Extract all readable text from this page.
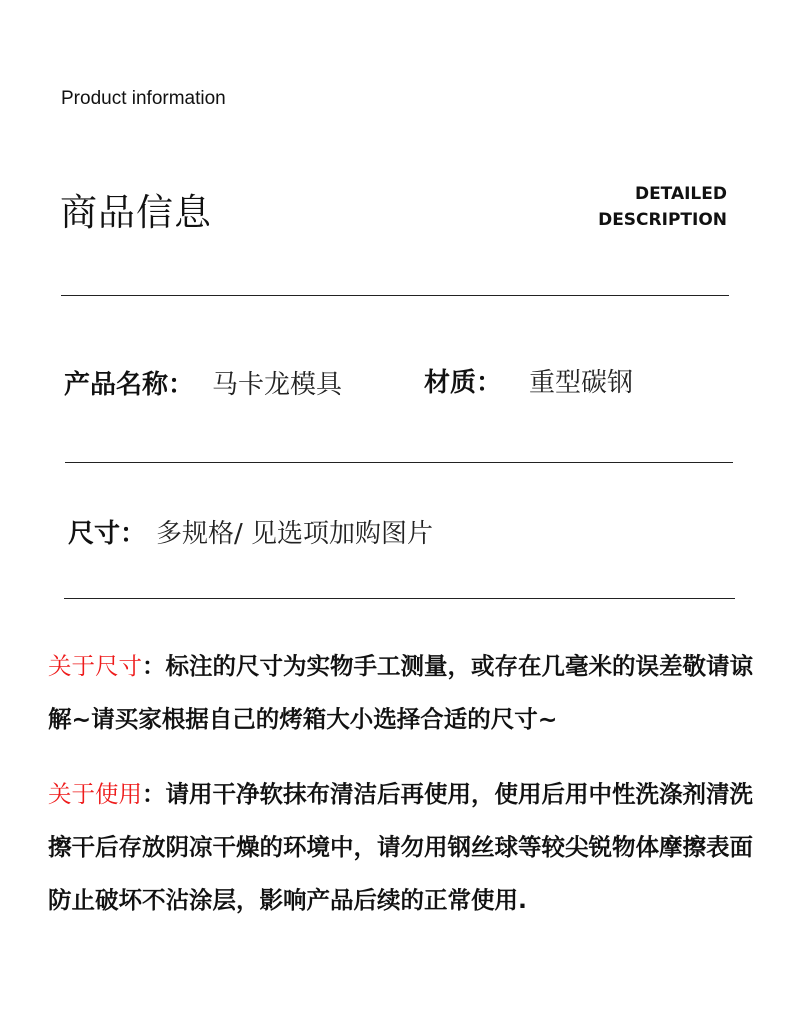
Product information
商品信息	DETAILED
DESCRIPTION
产品名称： 马卡龙模具	材质： 重型碳钢
尺寸： 多规格/ 见选项加购图片
关于尺寸：标注的尺寸为实物手工测量，或存在几毫米的误差敬请谅解~请买家根据自己的烤箱大小选择合适的尺寸~
关于使用：请用干净软抹布清洁后再使用，使用后用中性洗涤剂清洗擦干后存放阴凉干燥的环境中，请勿用钢丝球等较尖锐物体摩擦表面防止破坏不沾涂层，影响产品后续的正常使用.
